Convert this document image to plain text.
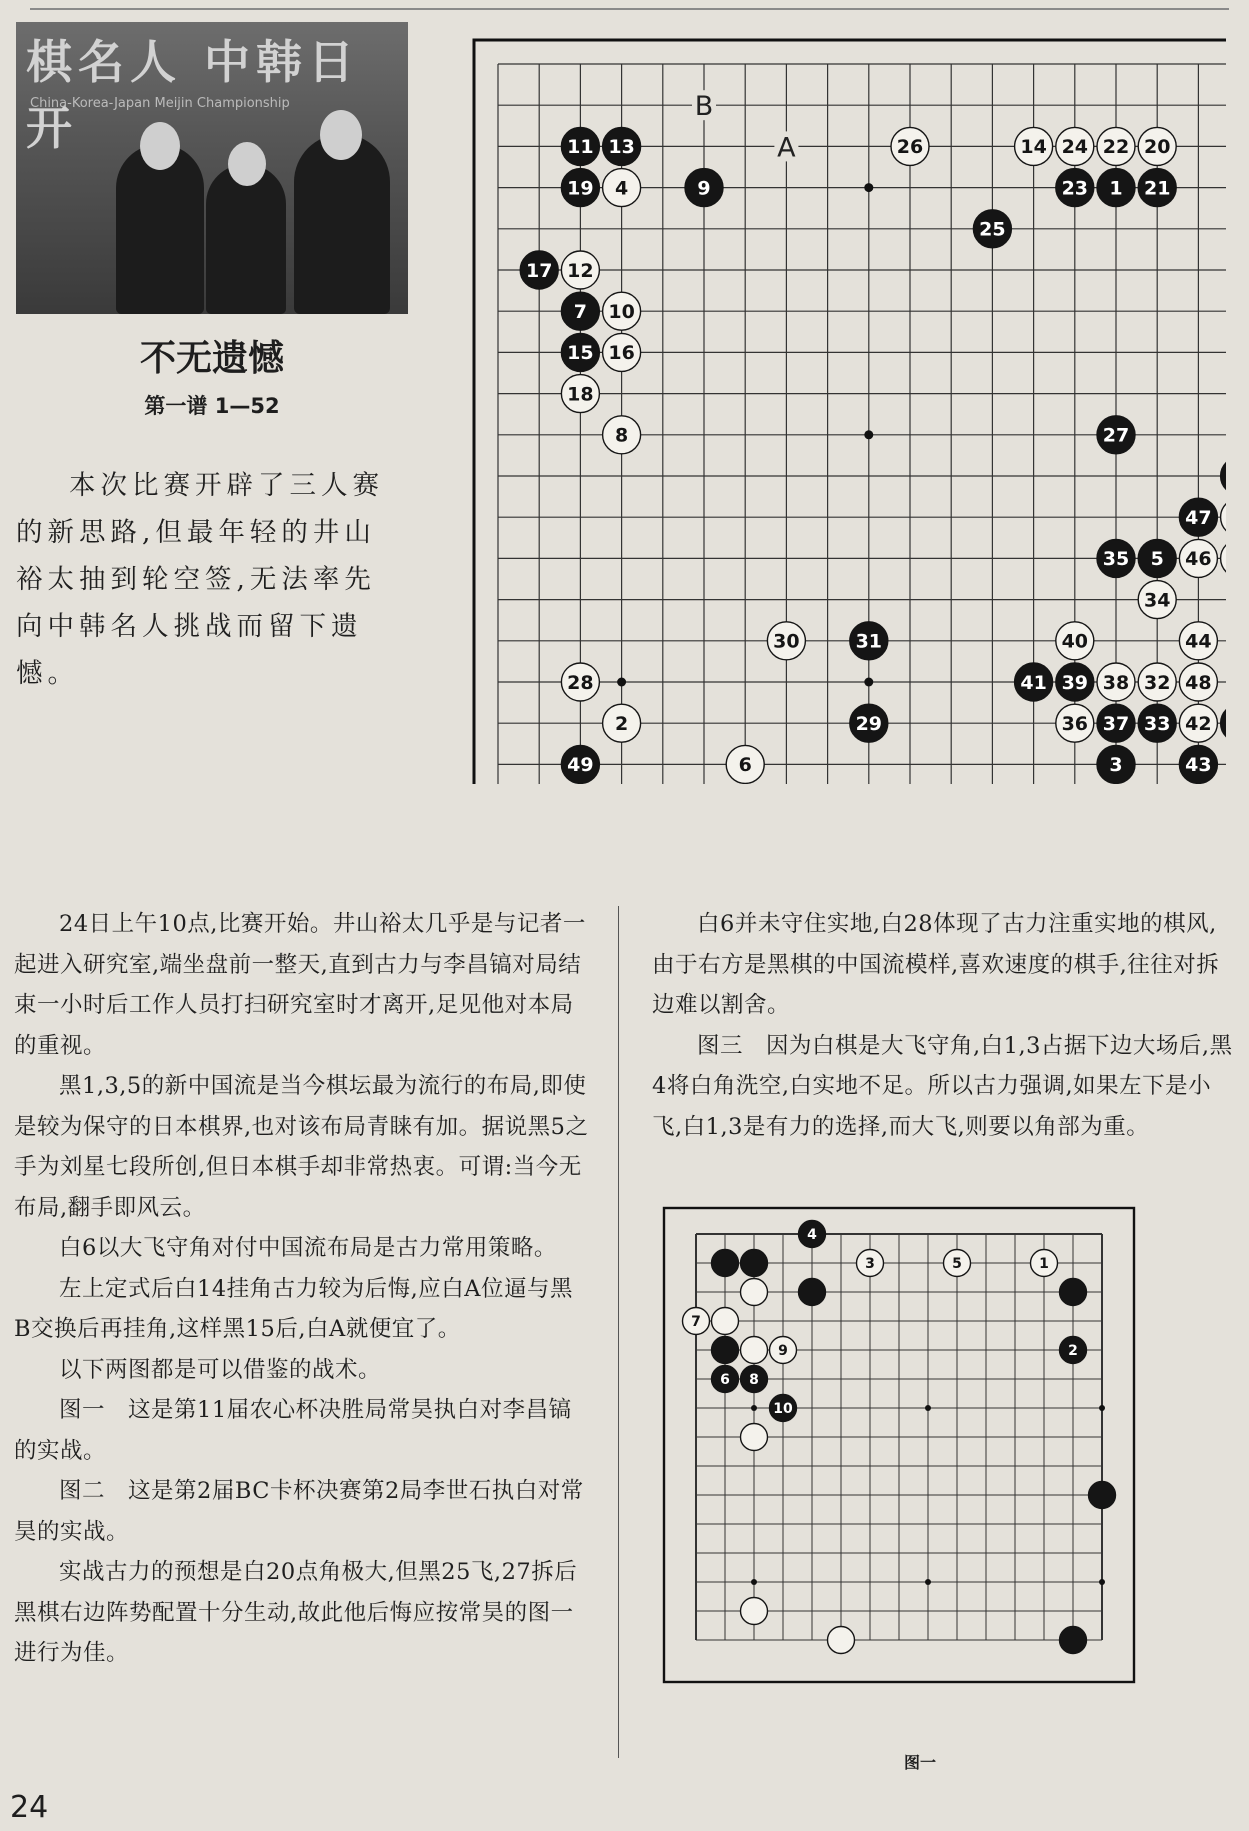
棋名人 中韩日 开
China-Korea-Japan Meijin Championship
不无遗憾
第一谱 1—52
本次比赛开辟了三人赛的新思路,但最年轻的井山裕太抽到轮空签,无法率先向中韩名人挑战而留下遗憾。
A
B
1
2
3
4
5
6
7
8
9
10
11
12
13	14
15 16
17
18
19
20
21
22
23
24
25
26
27
28
29
30	31
32
33
34
35
36 37
38
39
40
41
42
43
44
46
47
48
49

24日上午10点,比赛开始。井山裕太几乎是与记者一起进入研究室,端坐盘前一整天,直到古力与李昌镐对局结束一小时后工作人员打扫研究室时才离开,足见他对本局的重视。

黑1,3,5的新中国流是当今棋坛最为流行的布局,即使是较为保守的日本棋界,也对该布局青睐有加。据说黑5之手为刘星七段所创,但日本棋手却非常热衷。可谓:当今无布局,翻手即风云。

白6以大飞守角对付中国流布局是古力常用策略。

左上定式后白14挂角古力较为后悔,应白A位逼与黑B交换后再挂角,这样黑15后,白A就便宜了。

以下两图都是可以借鉴的战术。

图一　这是第11届农心杯决胜局常昊执白对李昌镐的实战。

图二　这是第2届BC卡杯决赛第2局李世石执白对常昊的实战。

实战古力的预想是白20点角极大,但黑25飞,27拆后黑棋右边阵势配置十分生动,故此他后悔应按常昊的图一进行为佳。

白6并未守住实地,白28体现了古力注重实地的棋风,由于右方是黑棋的中国流模样,喜欢速度的棋手,往往对拆边难以割舍。

图三　因为白棋是大飞守角,白1,3占据下边大场后,黑4将白角洗空,白实地不足。所以古力强调,如果左下是小飞,白1,3是有力的选择,而大飞,则要以角部为重。

4
3	5	1
7
9	2
6 8
10
图一
24
